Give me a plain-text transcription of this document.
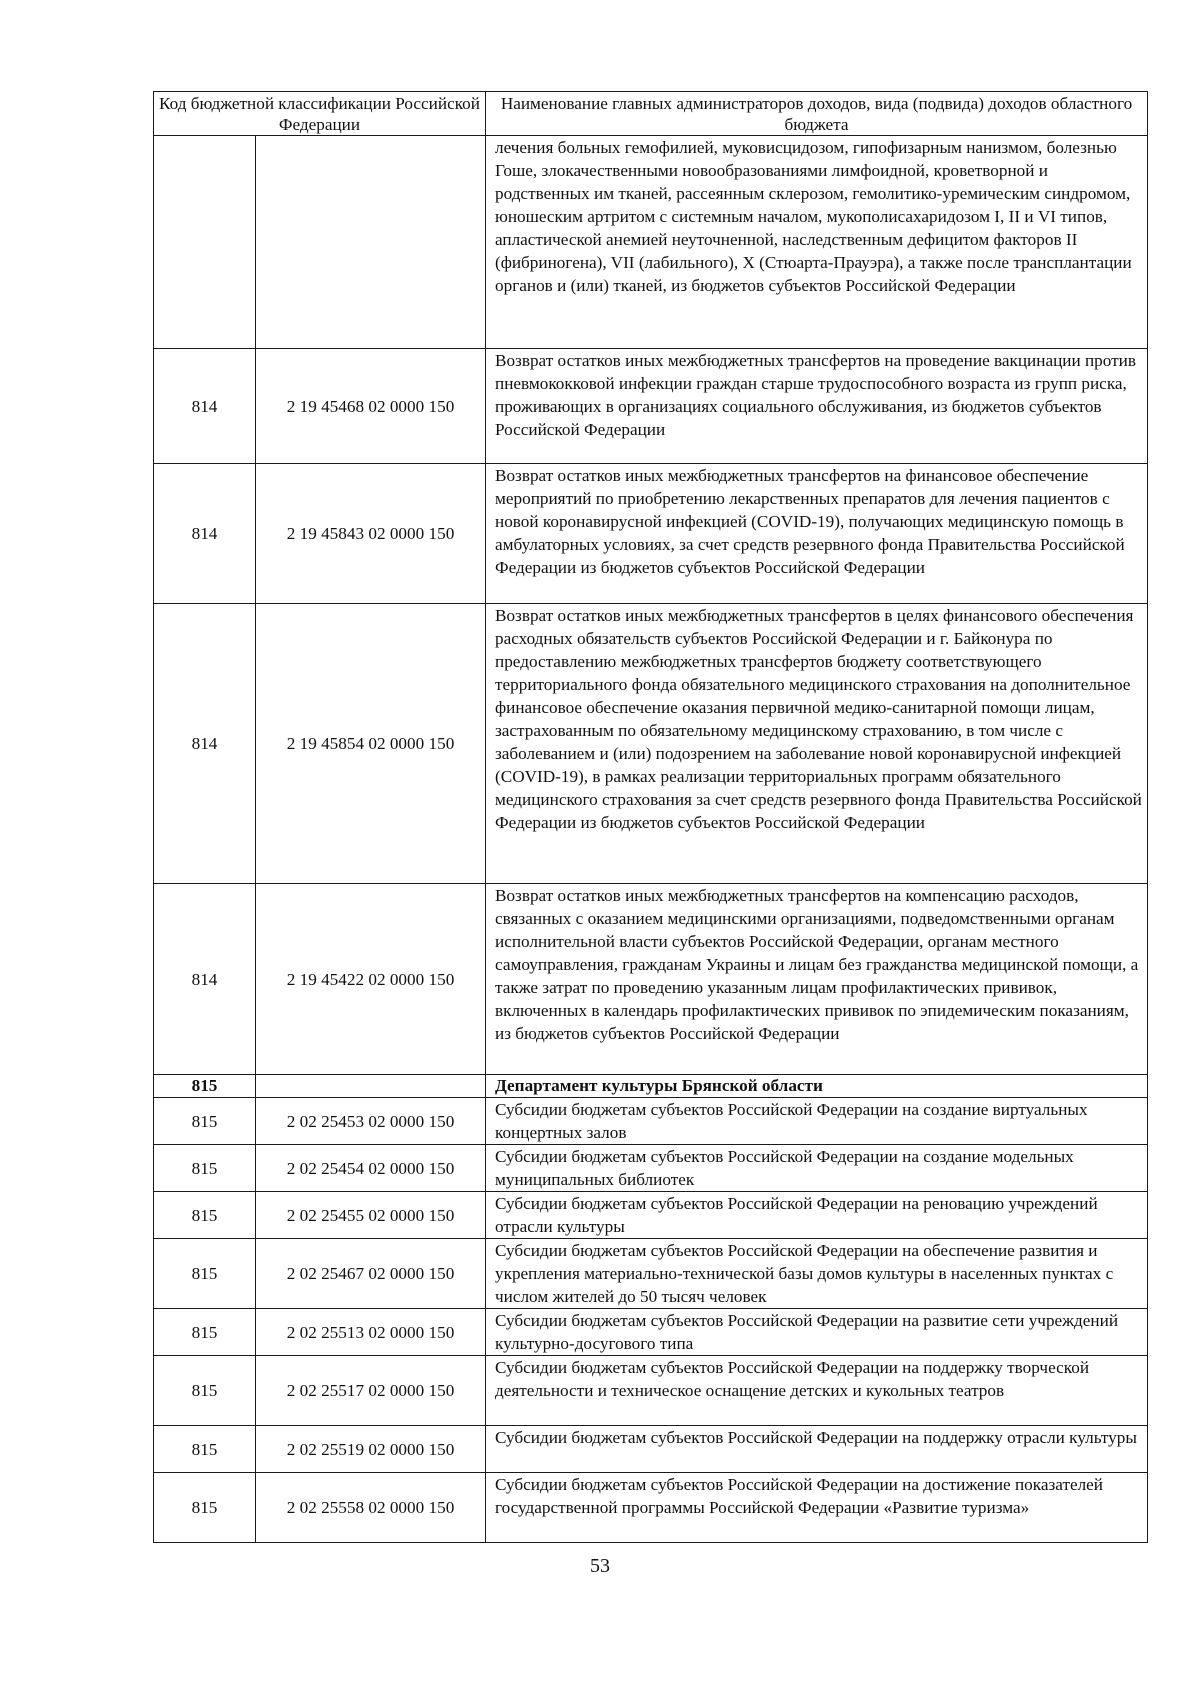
Код бюджетной классификации Российской Федерации		Наименование главных администраторов доходов, вида (подвида) доходов областного бюджета
		лечения больных гемофилией, муковисцидозом, гипофизарным нанизмом, болезнью Гоше, злокачественными новообразованиями лимфоидной, кроветворной и родственных им тканей, рассеянным склерозом, гемолитико-уремическим синдромом, юношеским артритом с системным началом, мукополисахаридозом I, II и VI типов, апластической анемией неуточненной, наследственным дефицитом факторов II (фибриногена), VII (лабильного), X (Стюарта-Прауэра), а также после трансплантации органов и (или) тканей, из бюджетов субъектов Российской Федерации
814	2 19 45468 02 0000 150	Возврат остатков иных межбюджетных трансфертов на проведение вакцинации против пневмококковой инфекции граждан старше трудоспособного возраста из групп риска, проживающих в организациях социального обслуживания, из бюджетов субъектов Российской Федерации
814	2 19 45843 02 0000 150	Возврат остатков иных межбюджетных трансфертов на финансовое обеспечение мероприятий по приобретению лекарственных препаратов для лечения пациентов с новой коронавирусной инфекцией (COVID-19), получающих медицинскую помощь в амбулаторных условиях, за счет средств резервного фонда Правительства Российской Федерации из бюджетов субъектов Российской Федерации
814	2 19 45854 02 0000 150	Возврат остатков иных межбюджетных трансфертов в целях финансового обеспечения расходных обязательств субъектов Российской Федерации и г. Байконура по предоставлению межбюджетных трансфертов бюджету соответствующего территориального фонда обязательного медицинского страхования на дополнительное финансовое обеспечение оказания первичной медико-санитарной помощи лицам, застрахованным по обязательному медицинскому страхованию, в том числе с заболеванием и (или) подозрением на заболевание новой коронавирусной инфекцией (COVID-19), в рамках реализации территориальных программ обязательного медицинского страхования за счет средств резервного фонда Правительства Российской Федерации из бюджетов субъектов Российской Федерации
814	2 19 45422 02 0000 150	Возврат остатков иных межбюджетных трансфертов на компенсацию расходов, связанных с оказанием медицинскими организациями, подведомственными органам исполнительной власти субъектов Российской Федерации, органам местного самоуправления, гражданам Украины и лицам без гражданства медицинской помощи, а также затрат по проведению указанным лицам профилактических прививок, включенных в календарь профилактических прививок по эпидемическим показаниям, из бюджетов субъектов Российской Федерации
815		Департамент культуры Брянской области
815	2 02 25453 02 0000 150	Субсидии бюджетам субъектов Российской Федерации на создание виртуальных концертных залов
815	2 02 25454 02 0000 150	Субсидии бюджетам субъектов Российской Федерации на создание модельных муниципальных библиотек
815	2 02 25455 02 0000 150	Субсидии бюджетам субъектов Российской Федерации на реновацию учреждений отрасли культуры
815	2 02 25467 02 0000 150	Субсидии бюджетам субъектов Российской Федерации на обеспечение развития и укрепления материально-технической базы домов культуры в населенных пунктах с числом жителей до 50 тысяч человек
815	2 02 25513 02 0000 150	Субсидии бюджетам субъектов Российской Федерации на развитие сети учреждений культурно-досугового типа
815	2 02 25517 02 0000 150	Субсидии бюджетам субъектов Российской Федерации на поддержку творческой деятельности и техническое оснащение детских и кукольных театров
815	2 02 25519 02 0000 150	Субсидии бюджетам субъектов Российской Федерации на поддержку отрасли культуры
815	2 02 25558 02 0000 150	Субсидии бюджетам субъектов Российской Федерации на достижение показателей государственной программы Российской Федерации «Развитие туризма»
53
